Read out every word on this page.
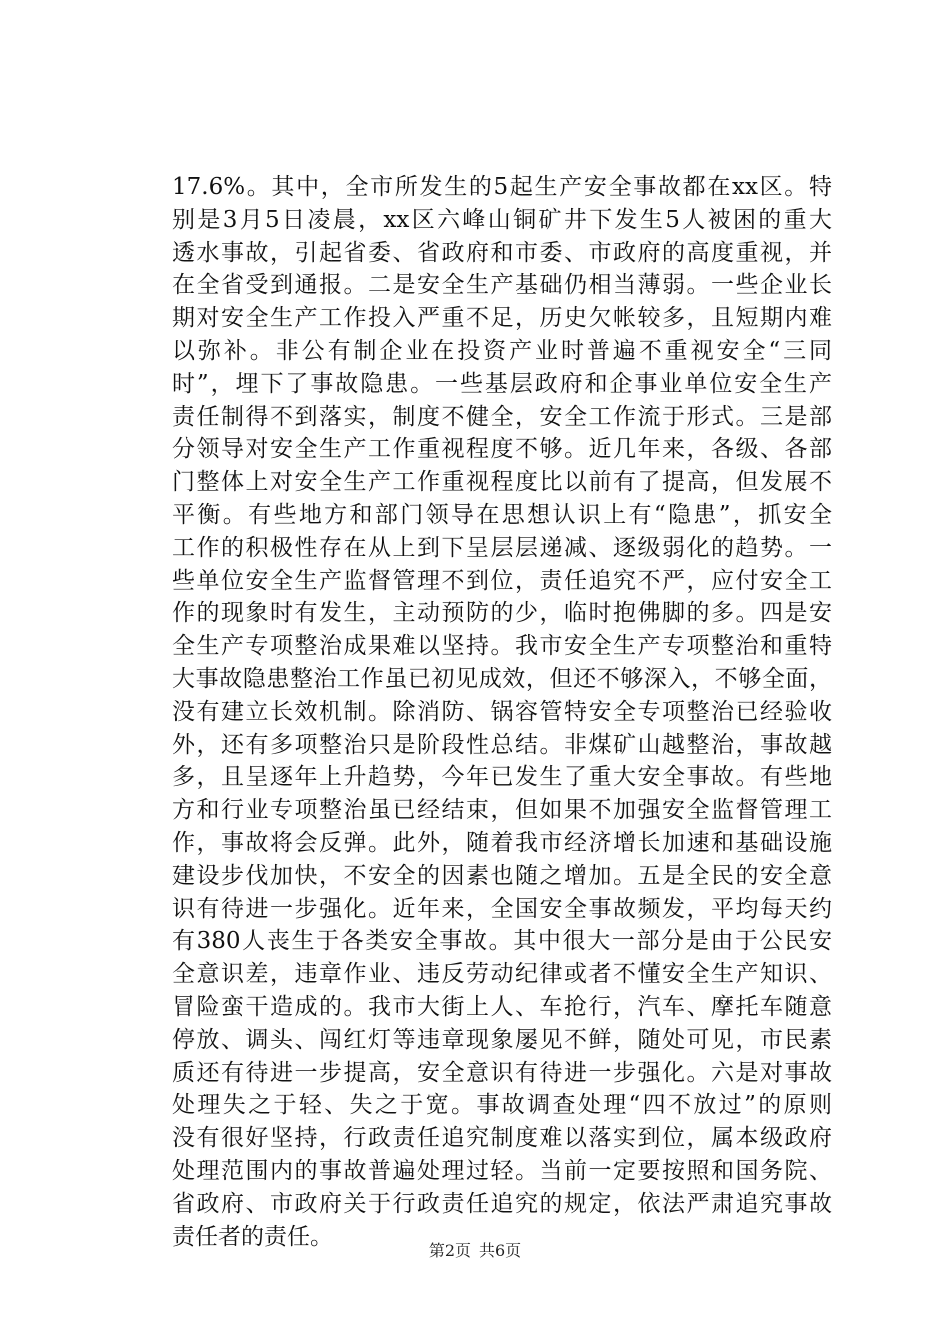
17.6%。其中，全市所发生的5起生产安全事故都在xx区。特
别是3月5日凌晨，xx区六峰山铜矿井下发生5人被困的重大
透水事故，引起省委、省政府和市委、市政府的高度重视，并
在全省受到通报。二是安全生产基础仍相当薄弱。一些企业长
期对安全生产工作投入严重不足，历史欠帐较多，且短期内难
以弥补。非公有制企业在投资产业时普遍不重视安全“三同
时”，埋下了事故隐患。一些基层政府和企事业单位安全生产
责任制得不到落实，制度不健全，安全工作流于形式。三是部
分领导对安全生产工作重视程度不够。近几年来，各级、各部
门整体上对安全生产工作重视程度比以前有了提高，但发展不
平衡。有些地方和部门领导在思想认识上有“隐患”，抓安全
工作的积极性存在从上到下呈层层递减、逐级弱化的趋势。一
些单位安全生产监督管理不到位，责任追究不严，应付安全工
作的现象时有发生，主动预防的少，临时抱佛脚的多。四是安
全生产专项整治成果难以坚持。我市安全生产专项整治和重特
大事故隐患整治工作虽已初见成效，但还不够深入，不够全面，
没有建立长效机制。除消防、锅容管特安全专项整治已经验收
外，还有多项整治只是阶段性总结。非煤矿山越整治，事故越
多，且呈逐年上升趋势，今年已发生了重大安全事故。有些地
方和行业专项整治虽已经结束，但如果不加强安全监督管理工
作，事故将会反弹。此外，随着我市经济增长加速和基础设施
建设步伐加快，不安全的因素也随之增加。五是全民的安全意
识有待进一步强化。近年来，全国安全事故频发，平均每天约
有380人丧生于各类安全事故。其中很大一部分是由于公民安
全意识差，违章作业、违反劳动纪律或者不懂安全生产知识、
冒险蛮干造成的。我市大街上人、车抢行，汽车、摩托车随意
停放、调头、闯红灯等违章现象屡见不鲜，随处可见，市民素
质还有待进一步提高，安全意识有待进一步强化。六是对事故
处理失之于轻、失之于宽。事故调查处理“四不放过”的原则
没有很好坚持，行政责任追究制度难以落实到位，属本级政府
处理范围内的事故普遍处理过轻。当前一定要按照和国务院、
省政府、市政府关于行政责任追究的规定，依法严肃追究事故
责任者的责任。
第2页 共6页
